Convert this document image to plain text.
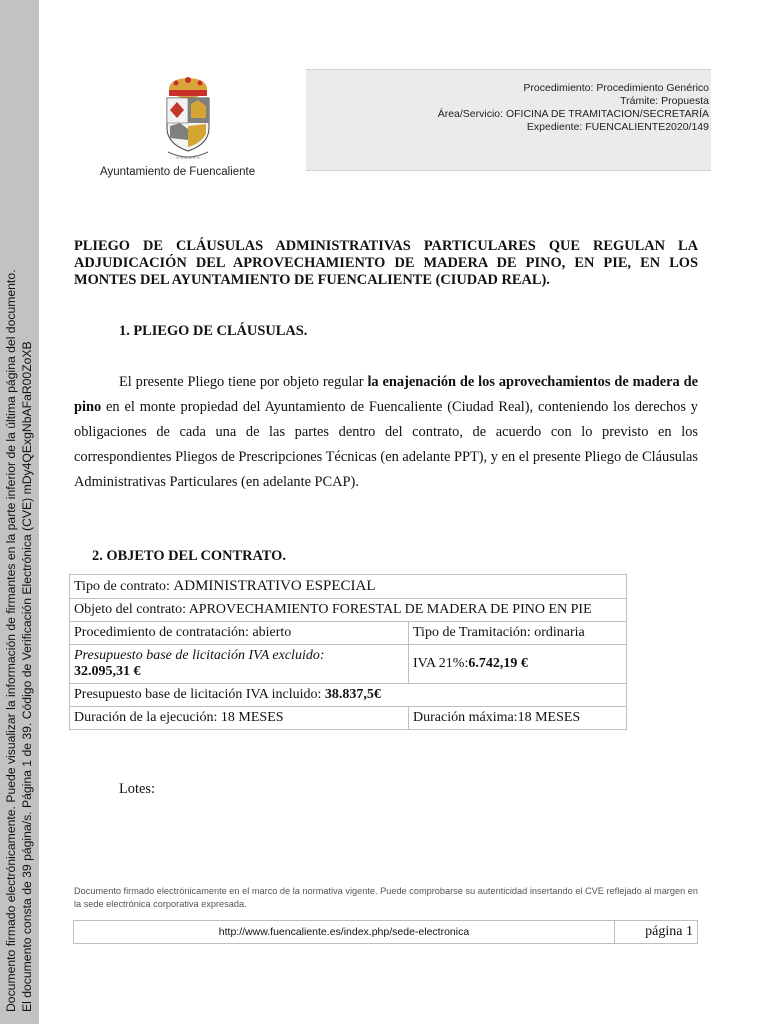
Documento firmado electrónicamente. Puede visualizar la información de firmantes en la parte inferior de la última página del documento. El documento consta de 39 página/s. Página 1 de 39. Código de Verificación Electrónica (CVE) mDy4QExgNbAFaR00ZoXB
~~~~~~
Ayuntamiento de Fuencaliente
Procedimiento: Procedimiento Genérico
Trámite: Propuesta
Área/Servicio: OFICINA DE TRAMITACION/SECRETARÍA
Expediente: FUENCALIENTE2020/149
PLIEGO DE CLÁUSULAS ADMINISTRATIVAS PARTICULARES QUE REGULAN LA ADJUDICACIÓN DEL APROVECHAMIENTO DE MADERA DE PINO, EN PIE, EN LOS MONTES DEL AYUNTAMIENTO DE FUENCALIENTE (CIUDAD REAL).
1. PLIEGO DE CLÁUSULAS.
El presente Pliego tiene por objeto regular la enajenación de los aprovechamientos de madera de pino en el monte propiedad del Ayuntamiento de Fuencaliente (Ciudad Real), conteniendo los derechos y obligaciones de cada una de las partes dentro del contrato, de acuerdo con lo previsto en los correspondientes Pliegos de Prescripciones Técnicas (en adelante PPT), y en el presente Pliego de Cláusulas Administrativas Particulares (en adelante PCAP).
2. OBJETO DEL CONTRATO.
Tipo de contrato: ADMINISTRATIVO ESPECIAL	
Objeto del contrato: APROVECHAMIENTO FORESTAL DE MADERA DE PINO EN PIE	
Procedimiento de contratación: abierto	Tipo de Tramitación: ordinaria
Presupuesto base de licitación IVA excluido:
32.095,31 €	IVA 21%:6.742,19 €
Presupuesto base de licitación IVA incluido: 38.837,5€	
Duración de la ejecución: 18 MESES	Duración máxima:18 MESES
Lotes:
Documento firmado electrónicamente en el marco de la normativa vigente. Puede comprobarse su autenticidad insertando el CVE reflejado al margen en la sede electrónica corporativa expresada.
http://www.fuencaliente.es/index.php/sede-electronica	página 1
